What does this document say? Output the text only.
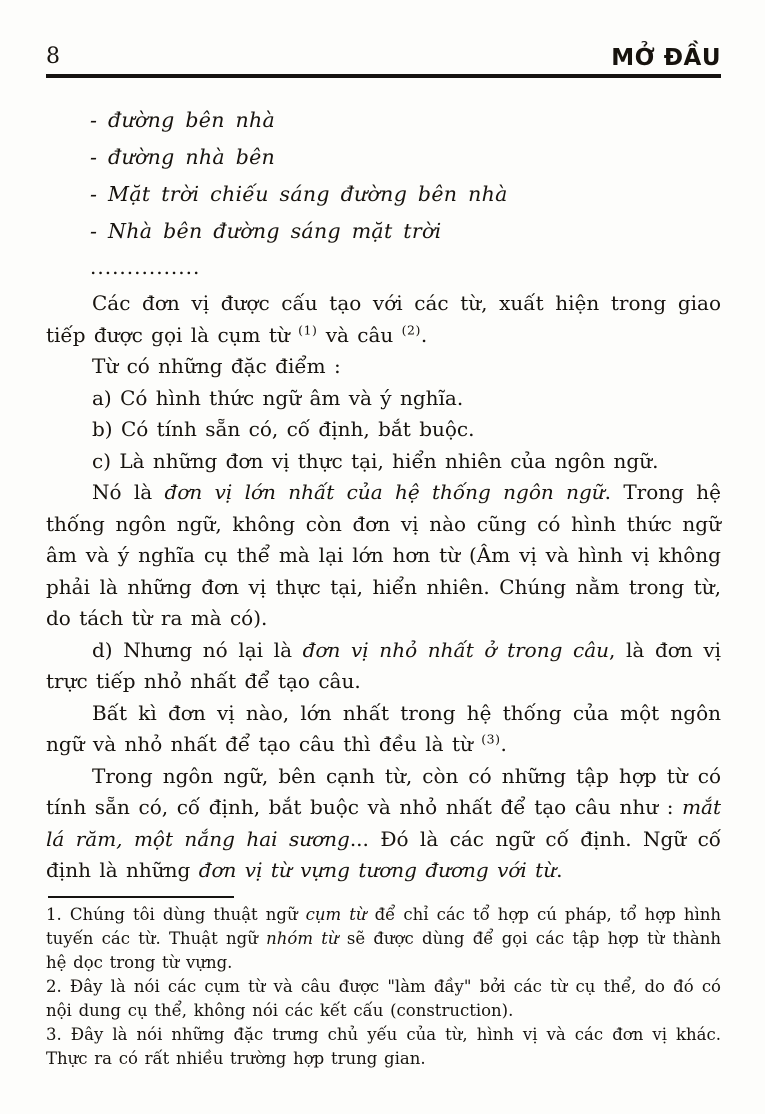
8	MỞ ĐẦU
- đường bên nhà
- đường nhà bên
- Mặt trời chiếu sáng đường bên nhà
- Nhà bên đường sáng mặt trời
...............

Các đơn vị được cấu tạo với các từ, xuất hiện trong giao tiếp được gọi là cụm từ $^{(1)}$ và câu $^{(2)}$.

Từ có những đặc điểm :

a) Có hình thức ngữ âm và ý nghĩa.

b) Có tính sẵn có, cố định, bắt buộc.

c) Là những đơn vị thực tại, hiển nhiên của ngôn ngữ.

Nó là đơn vị lớn nhất của hệ thống ngôn ngữ. Trong hệ thống ngôn ngữ, không còn đơn vị nào cũng có hình thức ngữ âm và ý nghĩa cụ thể mà lại lớn hơn từ (Âm vị và hình vị không phải là những đơn vị thực tại, hiển nhiên. Chúng nằm trong từ, do tách từ ra mà có).

d) Nhưng nó lại là đơn vị nhỏ nhất ở trong câu, là đơn vị trực tiếp nhỏ nhất để tạo câu.

Bất kì đơn vị nào, lớn nhất trong hệ thống của một ngôn ngữ và nhỏ nhất để tạo câu thì đều là từ $^{(3)}$.

Trong ngôn ngữ, bên cạnh từ, còn có những tập hợp từ có tính sẵn có, cố định, bắt buộc và nhỏ nhất để tạo câu như : mắt lá răm, một nắng hai sương... Đó là các ngữ cố định. Ngữ cố định là những đơn vị từ vựng tương đương với từ.

1. Chúng tôi dùng thuật ngữ cụm từ để chỉ các tổ hợp cú pháp, tổ hợp hình tuyến các từ. Thuật ngữ nhóm từ sẽ được dùng để gọi các tập hợp từ thành hệ dọc trong từ vựng.

2. Đây là nói các cụm từ và câu được "làm đầy" bởi các từ cụ thể, do đó có nội dung cụ thể, không nói các kết cấu (construction).

3. Đây là nói những đặc trưng chủ yếu của từ, hình vị và các đơn vị khác. Thực ra có rất nhiều trường hợp trung gian.
